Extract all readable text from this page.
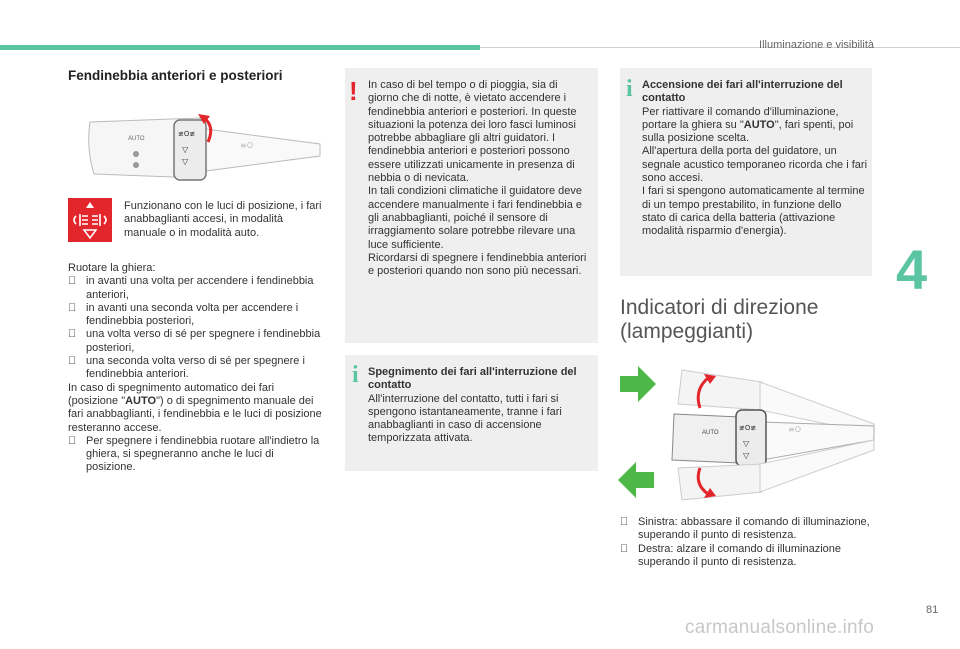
Illuminazione e visibilità
4
81
carmanualsonline.info
Fendinebbia anteriori e posteriori
AUTO
≢O≢
▽
▽
≡O
Funzionano con le luci di posizione, i fari anabbaglianti accesi, in modalità manuale o in modalità auto.

Ruotare la ghiera:

in avanti una volta per accendere i fendinebbia anteriori,
in avanti una seconda volta per accendere i fendinebbia posteriori,
una volta verso di sé per spegnere i fendinebbia posteriori,
una seconda volta verso di sé per spegnere i fendinebbia anteriori.

In caso di spegnimento automatico dei fari (posizione "AUTO") o di spegnimento manuale dei fari anabbaglianti, i fendinebbia e le luci di posizione resteranno accese.

Per spegnere i fendinebbia ruotare all'indietro la ghiera, si spegneranno anche le luci di posizione.
! In caso di bel tempo o di pioggia, sia di giorno che di notte, è vietato accendere i fendinebbia anteriori e posteriori. In queste situazioni la potenza dei loro fasci luminosi potrebbe abbagliare gli altri guidatori. I fendinebbia anteriori e posteriori possono essere utilizzati unicamente in presenza di nebbia o di nevicata.

In tali condizioni climatiche il guidatore deve accendere manualmente i fari fendinebbia e gli anabbaglianti, poiché il sensore di irraggiamento solare potrebbe rilevare una luce sufficiente.

Ricordarsi di spegnere i fendinebbia anteriori e posteriori quando non sono più necessari.

i Spegnimento dei fari all'interruzione del contatto

All'interruzione del contatto, tutti i fari si spengono istantaneamente, tranne i fari anabbaglianti in caso di accensione temporizzata attivata.

i Accensione dei fari all'interruzione del contatto

Per riattivare il comando d'illuminazione, portare la ghiera su "AUTO", fari spenti, poi sulla posizione scelta.

All'apertura della porta del guidatore, un segnale acustico temporaneo ricorda che i fari sono accesi.

I fari si spengono automaticamente al termine di un tempo prestabilito, in funzione dello stato di carica della batteria (attivazione modalità risparmio d'energia).

Indicatori di direzione
(lampeggianti)
AUTO
≢O≢
▽
▽
≡O
Sinistra: abbassare il comando di illuminazione, superando il punto di resistenza.
Destra: alzare il comando di illuminazione superando il punto di resistenza.
